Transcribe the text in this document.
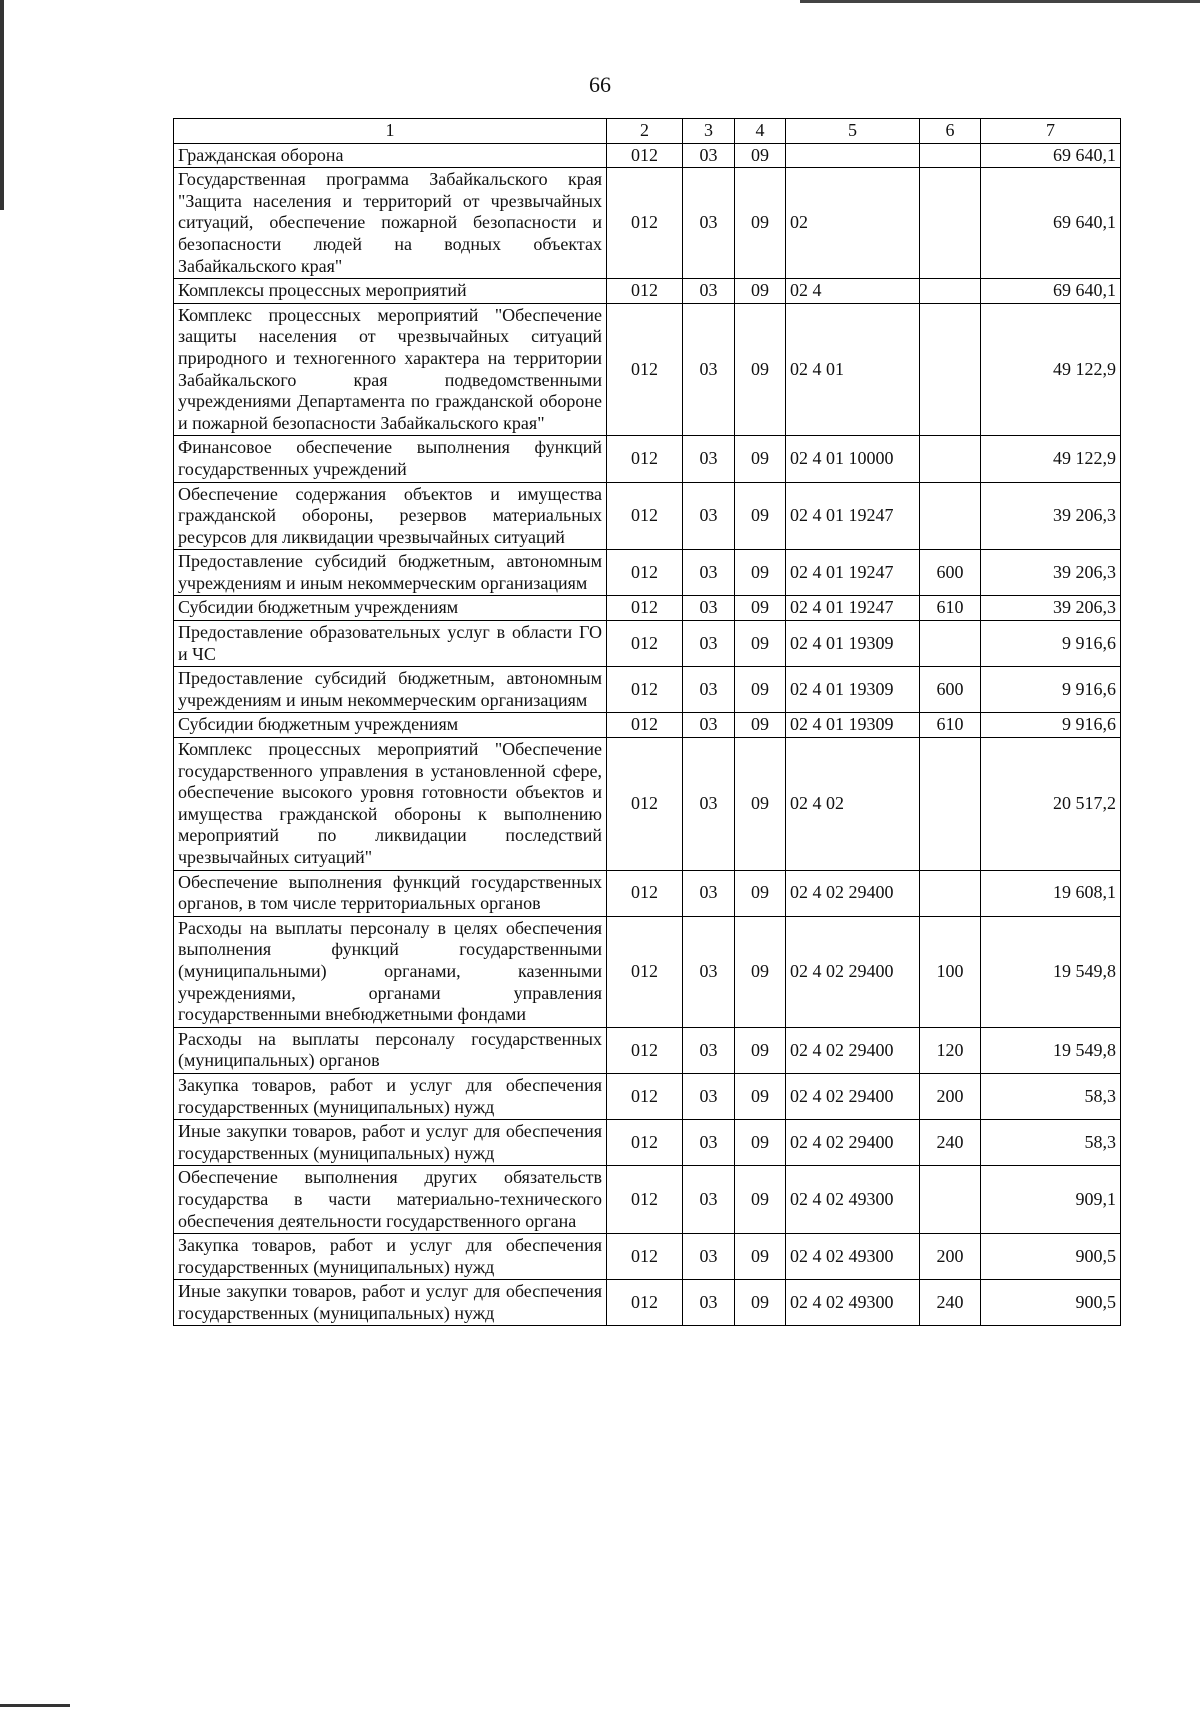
66
1	2	3	4	5	6	7
Гражданская оборона	012	03	09			69 640,1
Государственная программа Забайкальского края "Защита населения и территорий от чрезвычайных ситуаций, обеспечение пожарной безопасности и безопасности людей на водных объектах Забайкальского края"	012	03	09	02		69 640,1
Комплексы процессных мероприятий	012	03	09	02 4		69 640,1
Комплекс процессных мероприятий "Обеспечение защиты населения от чрезвычайных ситуаций природного и техногенного характера на территории Забайкальского края подведомственными учреждениями Департамента по гражданской обороне и пожарной безопасности Забайкальского края"	012	03	09	02 4 01		49 122,9
Финансовое обеспечение выполнения функций государственных учреждений	012	03	09	02 4 01 10000		49 122,9
Обеспечение содержания объектов и имущества гражданской обороны, резервов материальных ресурсов для ликвидации чрезвычайных ситуаций	012	03	09	02 4 01 19247		39 206,3
Предоставление субсидий бюджетным, автономным учреждениям и иным некоммерческим организациям	012	03	09	02 4 01 19247	600	39 206,3
Субсидии бюджетным учреждениям	012	03	09	02 4 01 19247	610	39 206,3
Предоставление образовательных услуг в области ГО и ЧС	012	03	09	02 4 01 19309		9 916,6
Предоставление субсидий бюджетным, автономным учреждениям и иным некоммерческим организациям	012	03	09	02 4 01 19309	600	9 916,6
Субсидии бюджетным учреждениям	012	03	09	02 4 01 19309	610	9 916,6
Комплекс процессных мероприятий "Обеспечение государственного управления в установленной сфере, обеспечение высокого уровня готовности объектов и имущества гражданской обороны к выполнению мероприятий по ликвидации последствий чрезвычайных ситуаций"	012	03	09	02 4 02		20 517,2
Обеспечение выполнения функций государственных органов, в том числе территориальных органов	012	03	09	02 4 02 29400		19 608,1
Расходы на выплаты персоналу в целях обеспечения выполнения функций государственными (муниципальными) органами, казенными учреждениями, органами управления государственными внебюджетными фондами	012	03	09	02 4 02 29400	100	19 549,8
Расходы на выплаты персоналу государственных (муниципальных) органов	012	03	09	02 4 02 29400	120	19 549,8
Закупка товаров, работ и услуг для обеспечения государственных (муниципальных) нужд	012	03	09	02 4 02 29400	200	58,3
Иные закупки товаров, работ и услуг для обеспечения государственных (муниципальных) нужд	012	03	09	02 4 02 29400	240	58,3
Обеспечение выполнения других обязательств государства в части материально-технического обеспечения деятельности государственного органа	012	03	09	02 4 02 49300		909,1
Закупка товаров, работ и услуг для обеспечения государственных (муниципальных) нужд	012	03	09	02 4 02 49300	200	900,5
Иные закупки товаров, работ и услуг для обеспечения государственных (муниципальных) нужд	012	03	09	02 4 02 49300	240	900,5
